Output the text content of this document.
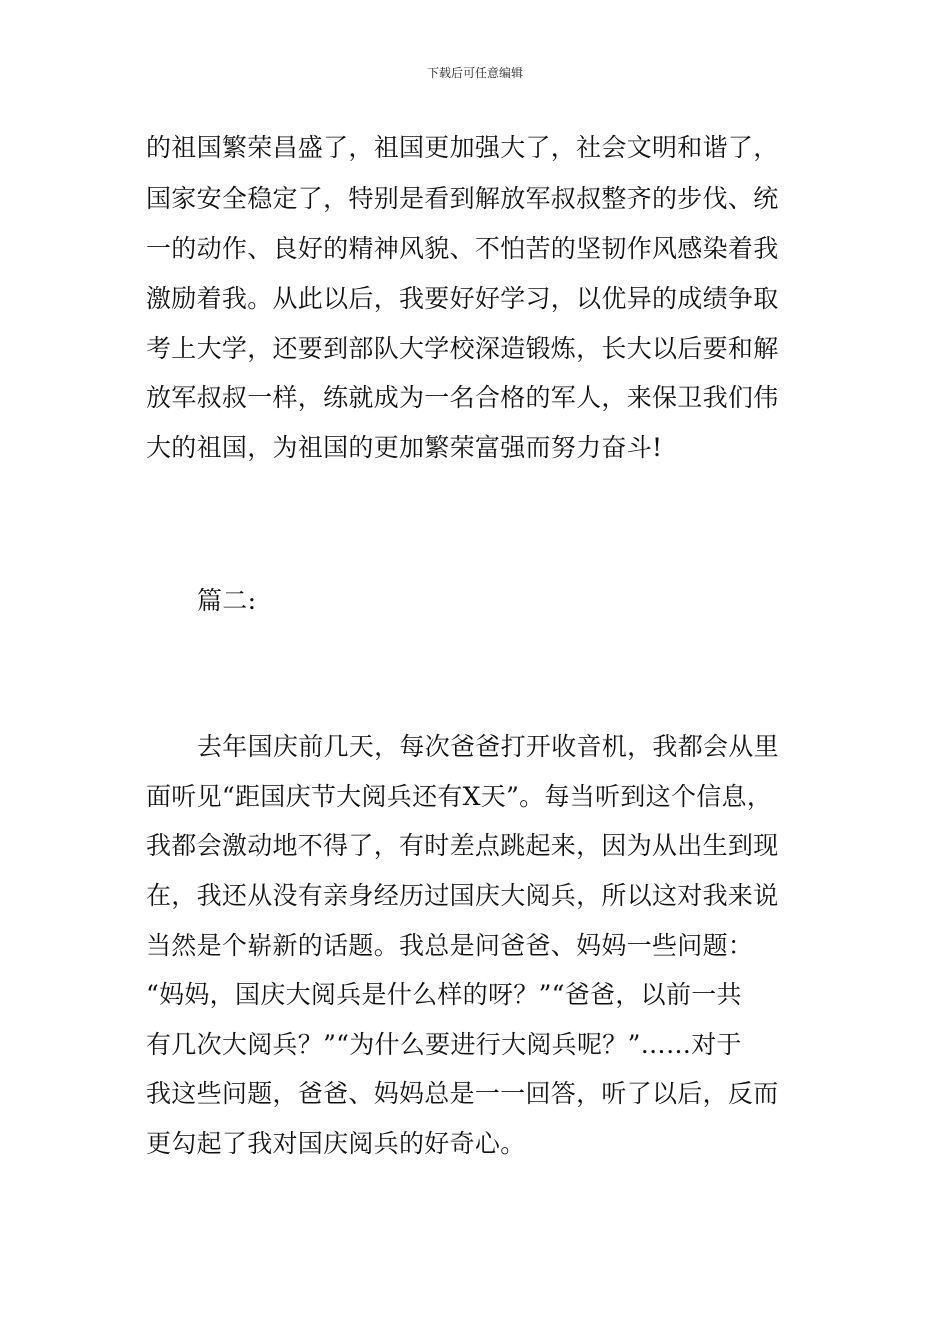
下载后可任意编辑
的祖国繁荣昌盛了，祖国更加强大了，社会文明和谐了，
国家安全稳定了，特别是看到解放军叔叔整齐的步伐、统
一的动作、良好的精神风貌、不怕苦的坚韧作风感染着我
激励着我。从此以后，我要好好学习，以优异的成绩争取
考上大学，还要到部队大学校深造锻炼，长大以后要和解
放军叔叔一样，练就成为一名合格的军人，来保卫我们伟
大的祖国，为祖国的更加繁荣富强而努力奋斗!
篇二:
去年国庆前几天，每次爸爸打开收音机，我都会从里
面听见“距国庆节大阅兵还有X天”。每当听到这个信息，
我都会激动地不得了，有时差点跳起来，因为从出生到现
在，我还从没有亲身经历过国庆大阅兵，所以这对我来说
当然是个崭新的话题。我总是问爸爸、妈妈一些问题：
“妈妈，国庆大阅兵是什么样的呀？”“爸爸，以前一共
有几次大阅兵？”“为什么要进行大阅兵呢？”……对于
我这些问题，爸爸、妈妈总是一一回答，听了以后，反而
更勾起了我对国庆阅兵的好奇心。
